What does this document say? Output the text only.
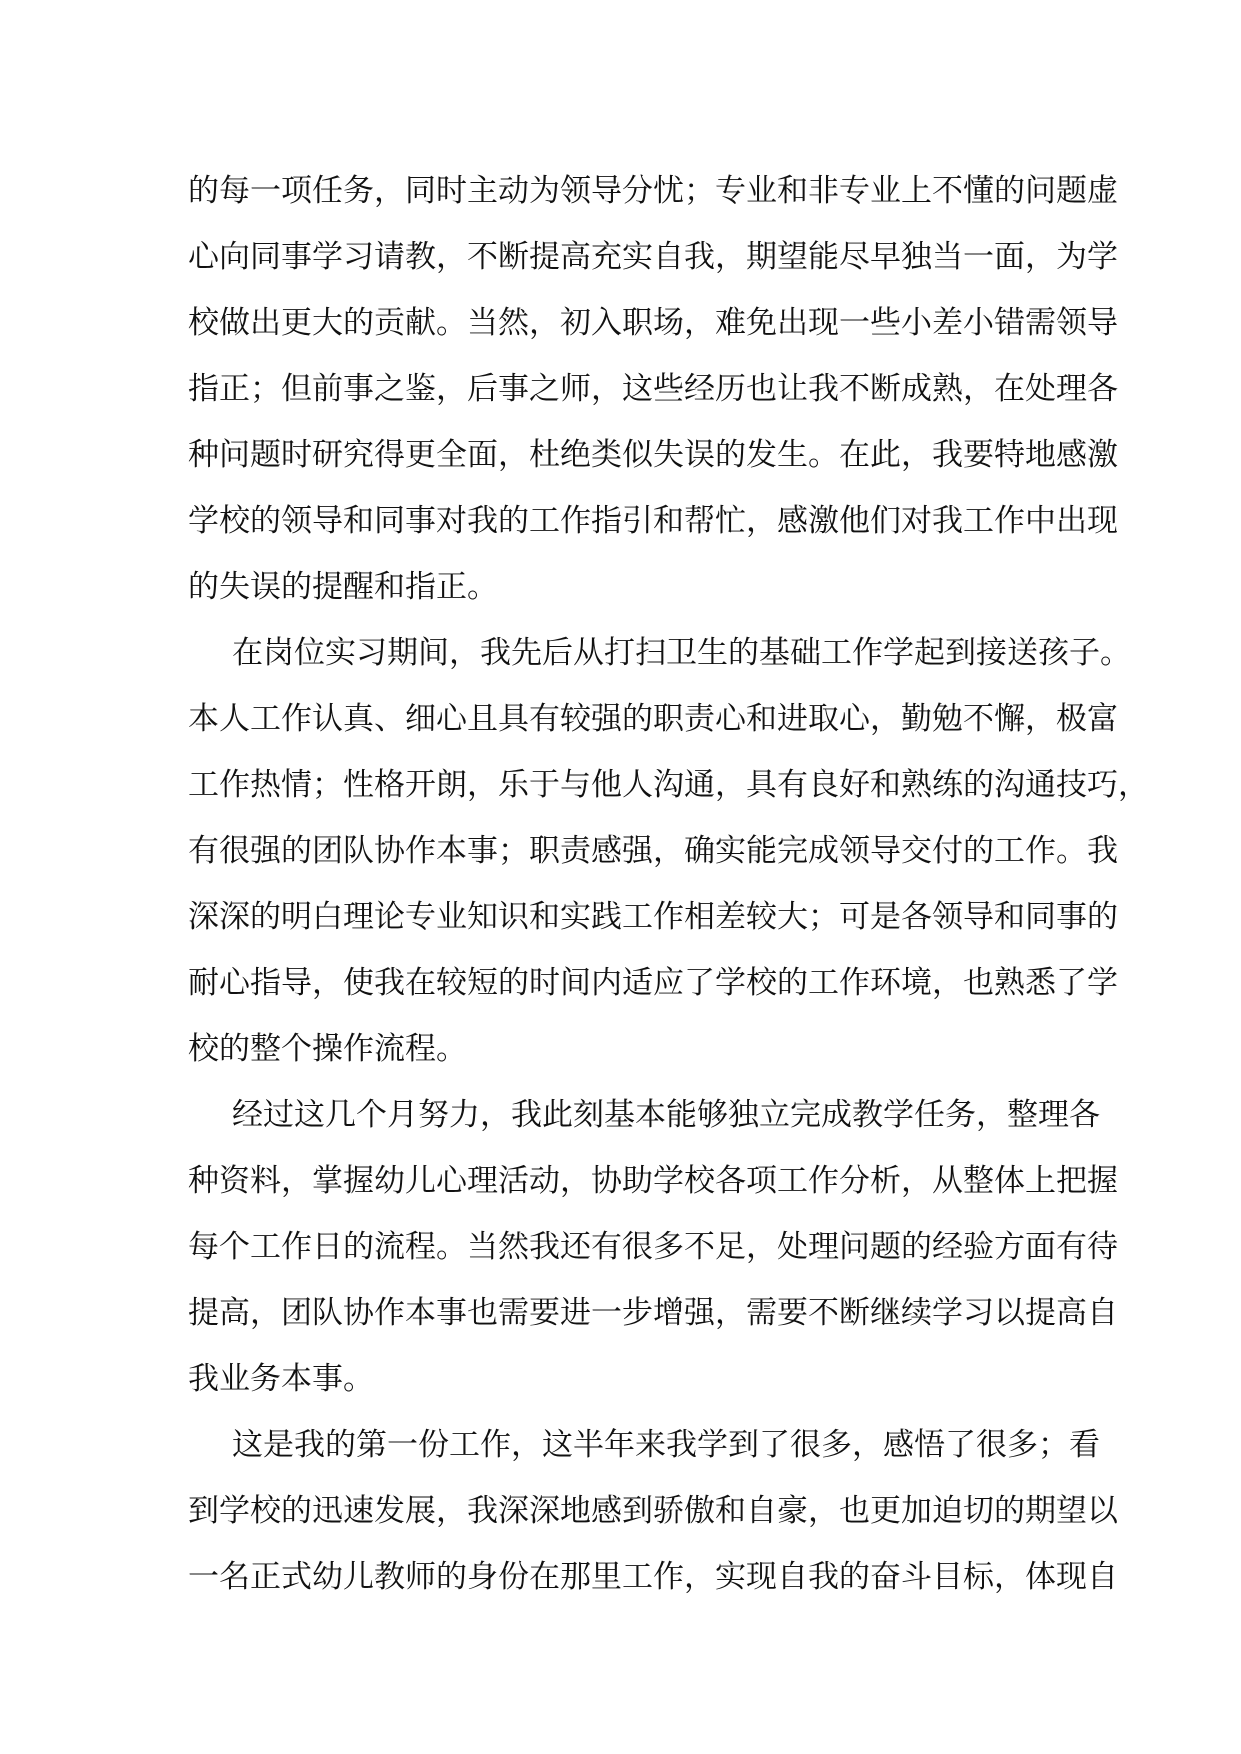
的每一项任务，同时主动为领导分忧；专业和非专业上不懂的问题虚
心向同事学习请教，不断提高充实自我，期望能尽早独当一面，为学
校做出更大的贡献。当然，初入职场，难免出现一些小差小错需领导
指正；但前事之鉴，后事之师，这些经历也让我不断成熟，在处理各
种问题时研究得更全面，杜绝类似失误的发生。在此，我要特地感激
学校的领导和同事对我的工作指引和帮忙，感激他们对我工作中出现
的失误的提醒和指正。
在岗位实习期间，我先后从打扫卫生的基础工作学起到接送孩子。
本人工作认真、细心且具有较强的职责心和进取心，勤勉不懈，极富
工作热情；性格开朗，乐于与他人沟通，具有良好和熟练的沟通技巧，
有很强的团队协作本事；职责感强，确实能完成领导交付的工作。我
深深的明白理论专业知识和实践工作相差较大；可是各领导和同事的
耐心指导，使我在较短的时间内适应了学校的工作环境，也熟悉了学
校的整个操作流程。
经过这几个月努力，我此刻基本能够独立完成教学任务，整理各
种资料，掌握幼儿心理活动，协助学校各项工作分析，从整体上把握
每个工作日的流程。当然我还有很多不足，处理问题的经验方面有待
提高，团队协作本事也需要进一步增强，需要不断继续学习以提高自
我业务本事。
这是我的第一份工作，这半年来我学到了很多，感悟了很多；看
到学校的迅速发展，我深深地感到骄傲和自豪，也更加迫切的期望以
一名正式幼儿教师的身份在那里工作，实现自我的奋斗目标，体现自
